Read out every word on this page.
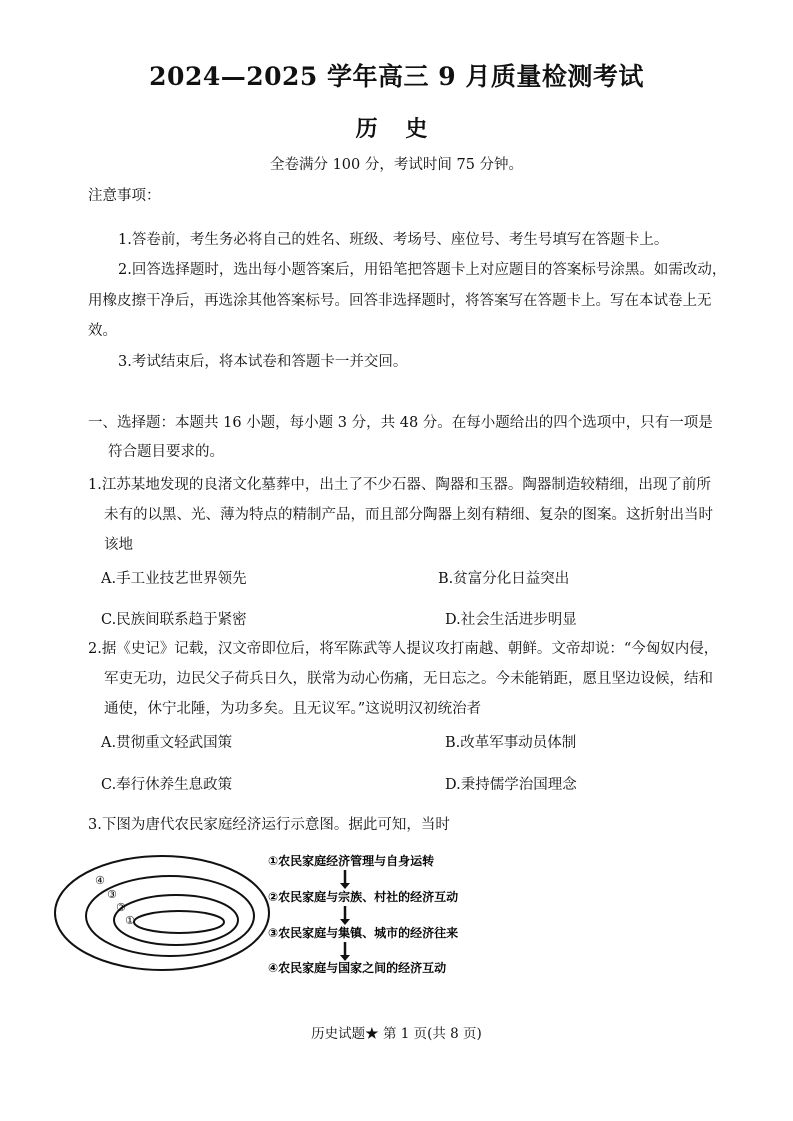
2024—2025 学年高三 9 月质量检测考试
历 史
全卷满分 100 分，考试时间 75 分钟。
注意事项：
1.答卷前，考生务必将自己的姓名、班级、考场号、座位号、考生号填写在答题卡上。
2.回答选择题时，选出每小题答案后，用铅笔把答题卡上对应题目的答案标号涂黑。如需改动，
用橡皮擦干净后，再选涂其他答案标号。回答非选择题时，将答案写在答题卡上。写在本试卷上无
效。
3.考试结束后，将本试卷和答题卡一并交回。
一、选择题：本题共 16 小题，每小题 3 分，共 48 分。在每小题给出的四个选项中，只有一项是
符合题目要求的。
1.江苏某地发现的良渚文化墓葬中，出土了不少石器、陶器和玉器。陶器制造较精细，出现了前所
未有的以黑、光、薄为特点的精制产品，而且部分陶器上刻有精细、复杂的图案。这折射出当时
该地
A.手工业技艺世界领先	B.贫富分化日益突出
C.民族间联系趋于紧密	D.社会生活进步明显
2.据《史记》记载，汉文帝即位后，将军陈武等人提议攻打南越、朝鲜。文帝却说：“今匈奴内侵，
军吏无功，边民父子荷兵日久，朕常为动心伤痛，无日忘之。今未能销距，愿且坚边设候，结和
通使，休宁北陲，为功多矣。且无议军。”这说明汉初统治者
A.贯彻重文轻武国策	B.改革军事动员体制
C.奉行休养生息政策	D.秉持儒学治国理念
3.下图为唐代农民家庭经济运行示意图。据此可知，当时
④
③
②
①
①农民家庭经济管理与自身运转
②农民家庭与宗族、村社的经济互动
③农民家庭与集镇、城市的经济往来
④农民家庭与国家之间的经济互动
历史试题★ 第 1 页(共 8 页)
